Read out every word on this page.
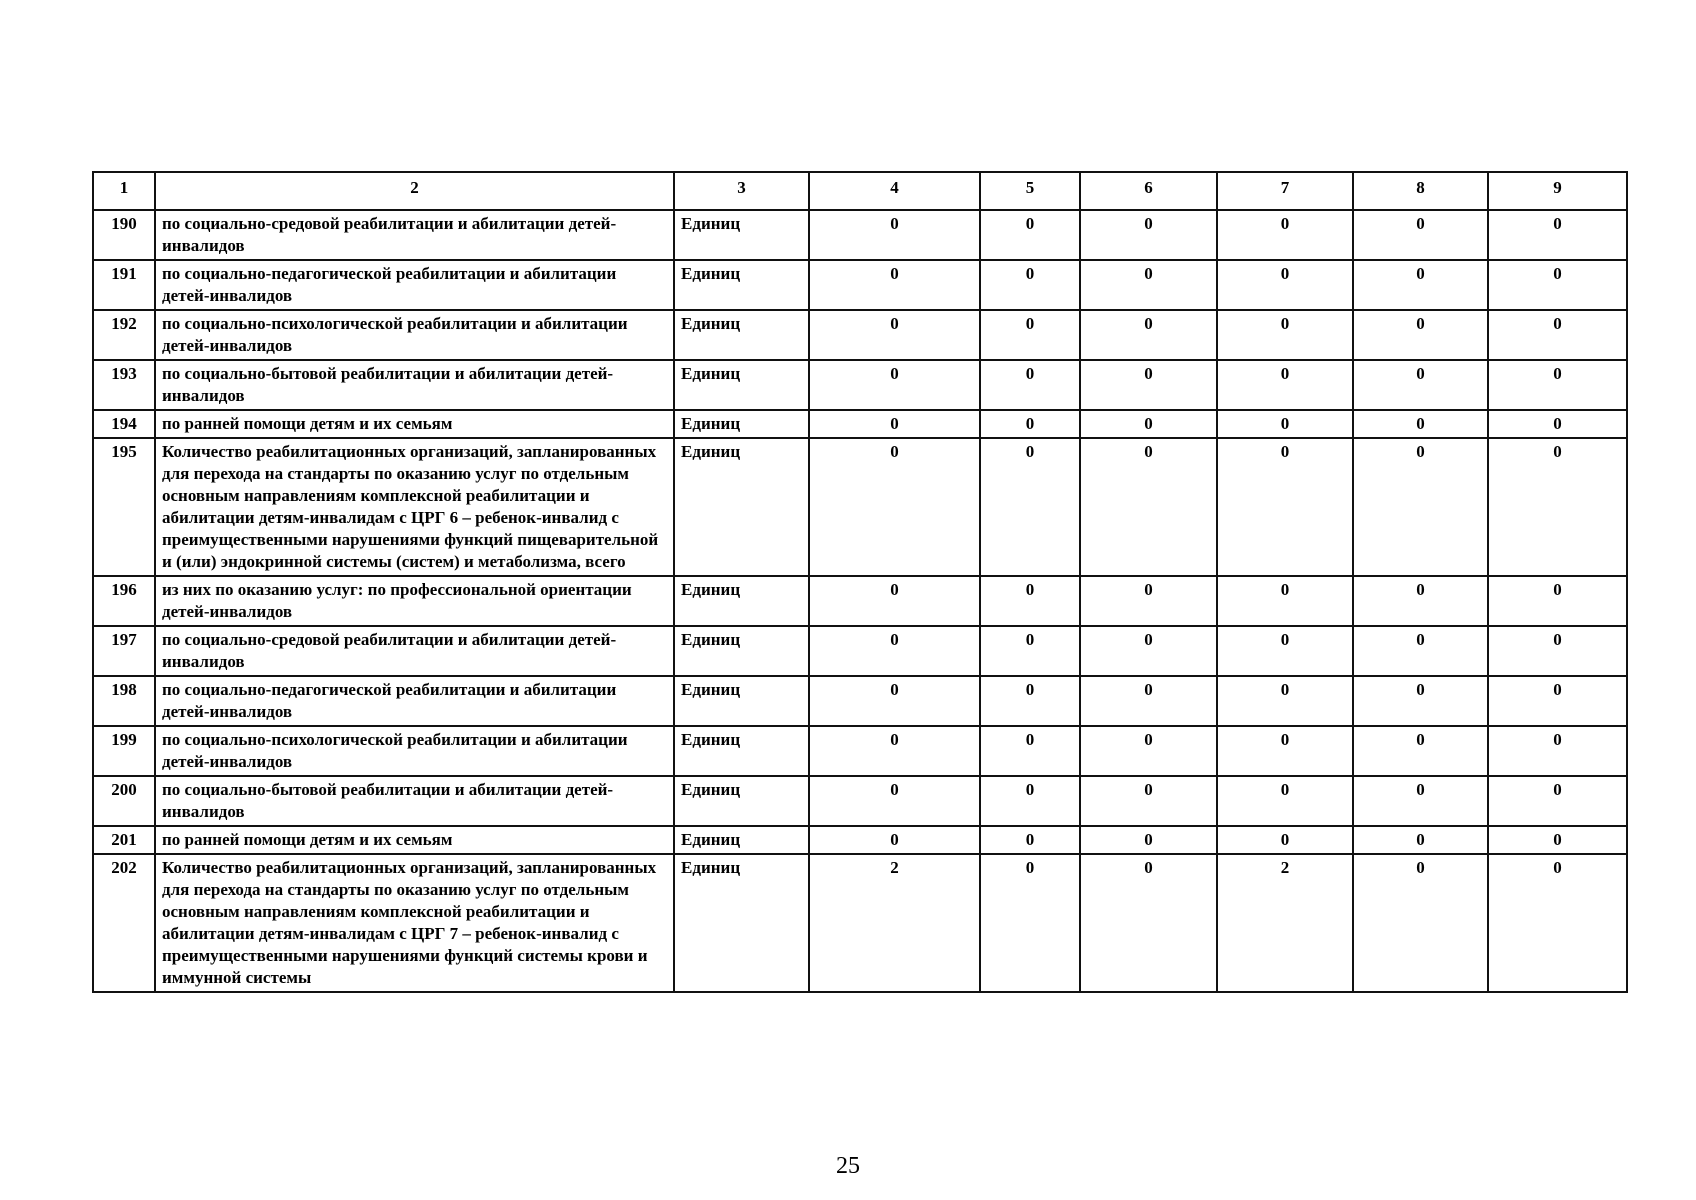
1	2	3	4	5	6	7	8	9
190	по социально-средовой реабилитации и абилитации детей-инвалидов	Единиц	0	0	0	0	0	0
191	по социально-педагогической реабилитации и абилитации детей-инвалидов	Единиц	0	0	0	0	0	0
192	по социально-психологической реабилитации и абилитации детей-инвалидов	Единиц	0	0	0	0	0	0
193	по социально-бытовой реабилитации и абилитации детей-инвалидов	Единиц	0	0	0	0	0	0
194	по ранней помощи детям и их семьям	Единиц	0	0	0	0	0	0
195	Количество реабилитационных организаций, запланированных для перехода на стандарты по оказанию услуг по отдельным основным направлениям комплексной реабилитации и абилитации детям-инвалидам с ЦРГ 6 – ребенок-инвалид с преимущественными нарушениями функций пищеварительной и (или) эндокринной системы (систем) и метаболизма, всего	Единиц	0	0	0	0	0	0
196	из них по оказанию услуг: по профессиональной ориентации детей-инвалидов	Единиц	0	0	0	0	0	0
197	по социально-средовой реабилитации и абилитации детей-инвалидов	Единиц	0	0	0	0	0	0
198	по социально-педагогической реабилитации и абилитации детей-инвалидов	Единиц	0	0	0	0	0	0
199	по социально-психологической реабилитации и абилитации детей-инвалидов	Единиц	0	0	0	0	0	0
200	по социально-бытовой реабилитации и абилитации детей-инвалидов	Единиц	0	0	0	0	0	0
201	по ранней помощи детям и их семьям	Единиц	0	0	0	0	0	0
202	Количество реабилитационных организаций, запланированных для перехода на стандарты по оказанию услуг по отдельным основным направлениям комплексной реабилитации и абилитации детям-инвалидам с ЦРГ 7 – ребенок-инвалид с преимущественными нарушениями функций системы крови и иммунной системы	Единиц	2	0	0	2	0	0
25
